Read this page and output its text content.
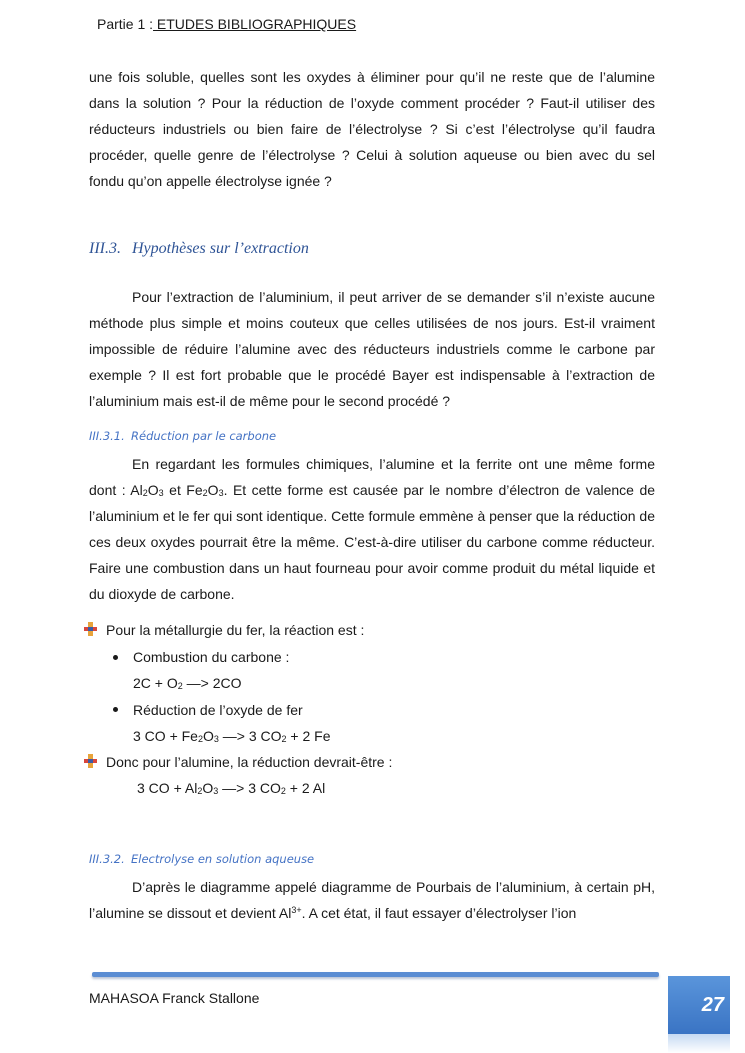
Partie 1 : ETUDES BIBLIOGRAPHIQUES

une fois soluble, quelles sont les oxydes à éliminer pour qu’il ne reste que de l’alumine dans la solution ? Pour la réduction de l’oxyde comment procéder ? Faut-il utiliser des réducteurs industriels ou bien faire de l’électrolyse ? Si c’est l’électrolyse qu’il faudra procéder, quelle genre de l’électrolyse ? Celui à solution aqueuse ou bien avec du sel fondu qu’on appelle électrolyse ignée ?

III.3. Hypothèses sur l’extraction

Pour l’extraction de l’aluminium, il peut arriver de se demander s’il n’existe aucune méthode plus simple et moins couteux que celles utilisées de nos jours. Est-il vraiment impossible de réduire l’alumine avec des réducteurs industriels comme le carbone par exemple ? Il est fort probable que le procédé Bayer est indispensable à l’extraction de l’aluminium mais est-il de même pour le second procédé ?

III.3.1. Réduction par le carbone

En regardant les formules chimiques, l’alumine et la ferrite ont une même forme dont : $Al_2O_3$ et $Fe_2O_3$. Et cette forme est causée par le nombre d’électron de valence de l’aluminium et le fer qui sont identique. Cette formule emmène à penser que la réduction de ces deux oxydes pourrait être la même. C’est-à-dire utiliser du carbone comme réducteur. Faire une combustion dans un haut fourneau pour avoir comme produit du métal liquide et du dioxyde de carbone.

Pour la métallurgie du fer, la réaction est :
Combustion du carbone :
$2C + O_2$ —> 2CO
Réduction de l’oxyde de fer
3 CO + $Fe_2O_3$ —> 3 $CO_2 + 2$ Fe
Donc pour l’alumine, la réduction devrait-être :
3 CO + $Al_2O_3$ —> 3 $CO_2 + 2$ Al
III.3.2. Electrolyse en solution aqueuse

D’après le diagramme appelé diagramme de Pourbais de l’aluminium, à certain pH, l’alumine se dissout et devient $Al^{3+}$. A cet état, il faut essayer d’électrolyser l’ion

MAHASOA Franck Stallone	27
